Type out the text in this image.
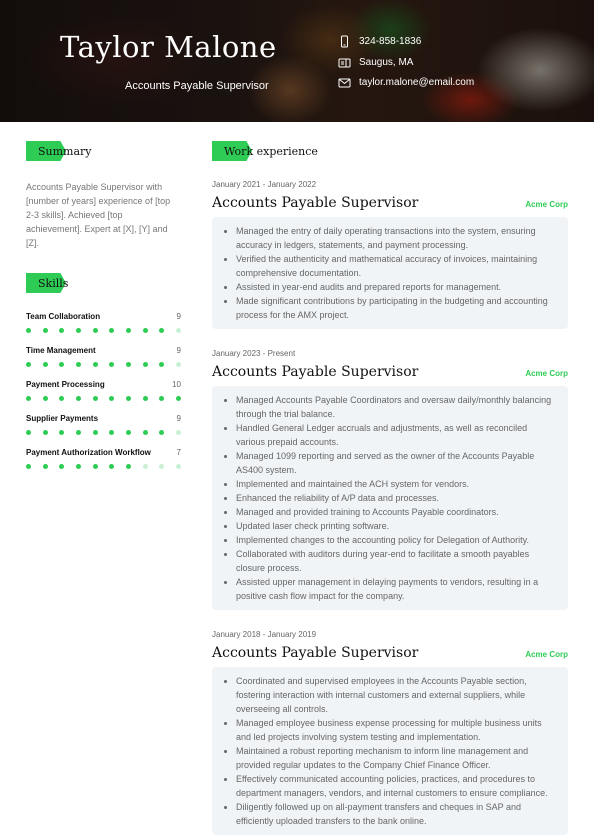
Taylor Malone
Accounts Payable Supervisor
324-858-1836
Saugus, MA
taylor.malone@email.com
Summary
Accounts Payable Supervisor with [number of years] experience of [top 2-3 skills]. Achieved [top achievement]. Expert at [X], [Y] and [Z].
Skills
Team Collaboration	9
Time Management	9
Payment Processing	10
Supplier Payments	9
Payment Authorization Workflow	7
Work experience
January 2021 - January 2022
Accounts Payable Supervisor	Acme Corp
• Managed the entry of daily operating transactions into the system, ensuring accuracy in ledgers, statements, and payment processing.
• Verified the authenticity and mathematical accuracy of invoices, maintaining comprehensive documentation.
• Assisted in year-end audits and prepared reports for management.
• Made significant contributions by participating in the budgeting and accounting process for the AMX project.
January 2023 - Present
Accounts Payable Supervisor	Acme Corp
• Managed Accounts Payable Coordinators and oversaw daily/monthly balancing through the trial balance.
• Handled General Ledger accruals and adjustments, as well as reconciled various prepaid accounts.
• Managed 1099 reporting and served as the owner of the Accounts Payable AS400 system.
• Implemented and maintained the ACH system for vendors.
• Enhanced the reliability of A/P data and processes.
• Managed and provided training to Accounts Payable coordinators.
• Updated laser check printing software.
• Implemented changes to the accounting policy for Delegation of Authority.
• Collaborated with auditors during year-end to facilitate a smooth payables closure process.
• Assisted upper management in delaying payments to vendors, resulting in a positive cash flow impact for the company.
January 2018 - January 2019
Accounts Payable Supervisor	Acme Corp
• Coordinated and supervised employees in the Accounts Payable section, fostering interaction with internal customers and external suppliers, while overseeing all controls.
• Managed employee business expense processing for multiple business units and led projects involving system testing and implementation.
• Maintained a robust reporting mechanism to inform line management and provided regular updates to the Company Chief Finance Officer.
• Effectively communicated accounting policies, practices, and procedures to department managers, vendors, and internal customers to ensure compliance.
• Diligently followed up on all-payment transfers and cheques in SAP and efficiently uploaded transfers to the bank online.
